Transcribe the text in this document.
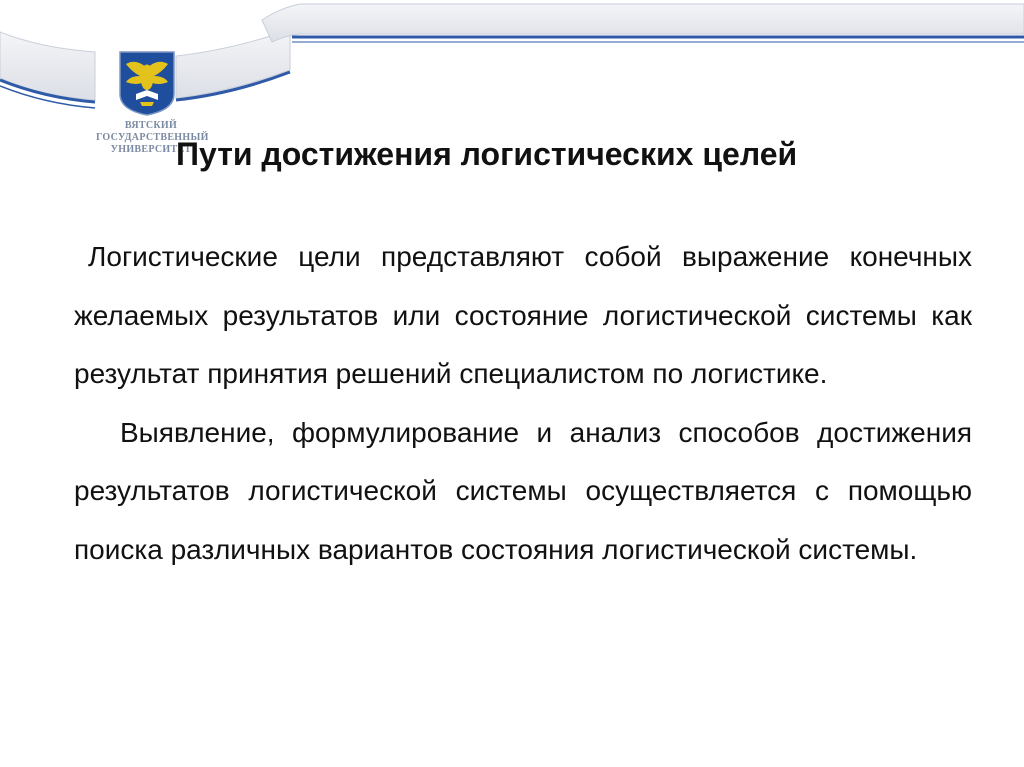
ВЯТСКИЙ
ГОСУДАРСТВЕННЫЙ
УНИВЕРСИТЕТ
Пути достижения логистических целей

Логистические цели представляют собой выражение конечных желаемых результатов или состояние логистической системы как результат принятия решений специалистом по логистике.

Выявление, формулирование и анализ способов достижения результатов логистической системы осуществляется с помощью поиска различных вариантов состояния логистической системы.
